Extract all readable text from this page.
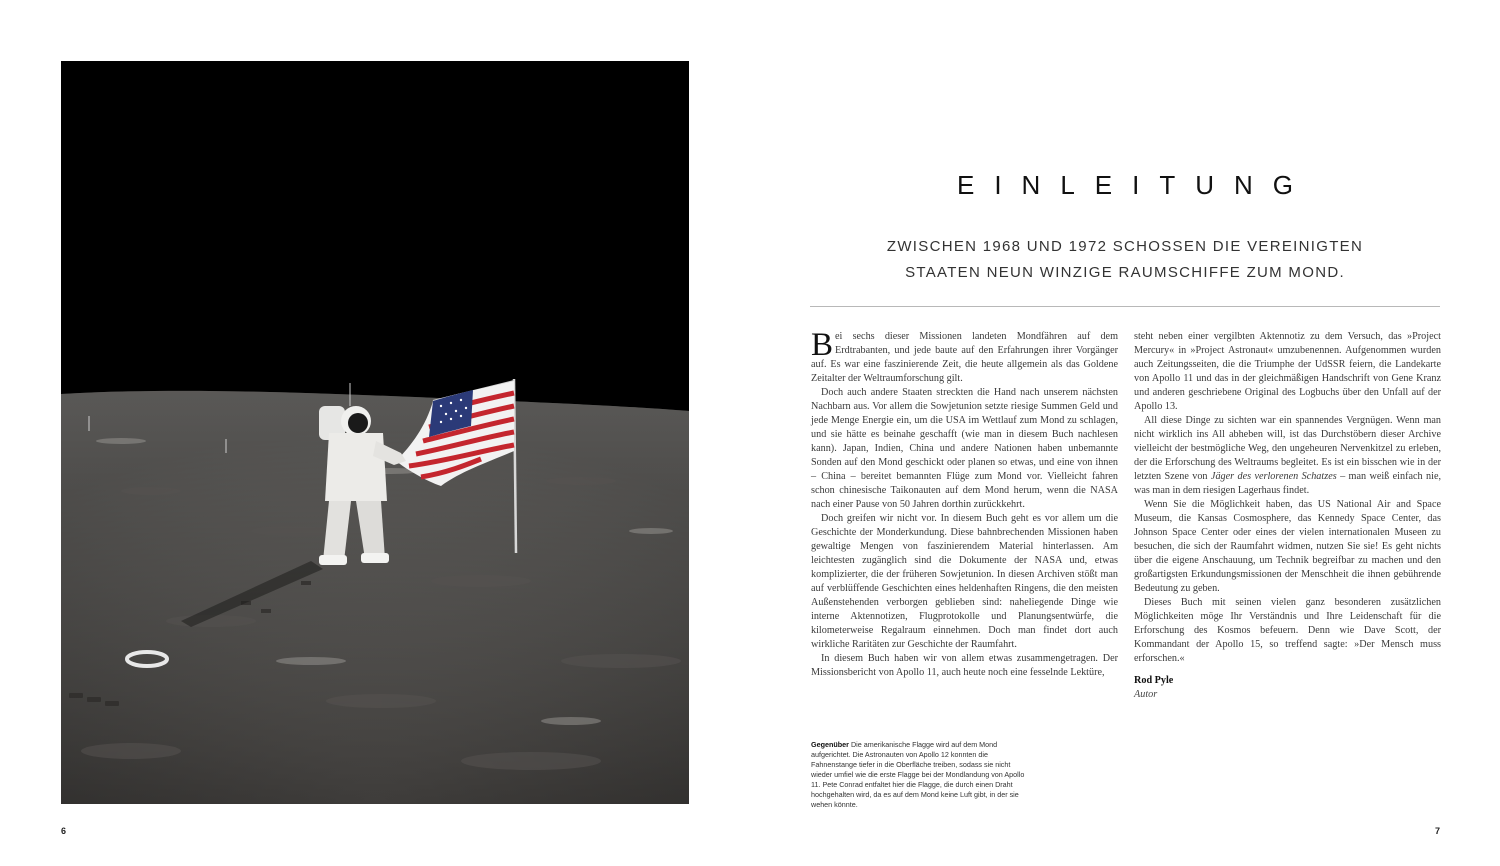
6	7
EINLEITUNG
ZWISCHEN 1968 UND 1972 SCHOSSEN DIE VEREINIGTEN
STAATEN NEUN WINZIGE RAUMSCHIFFE ZUM MOND.

Bei sechs dieser Missionen landeten Mondfähren auf dem Erdtrabanten, und jede baute auf den Erfahrungen ihrer Vorgänger auf. Es war eine faszinierende Zeit, die heute allgemein als das Goldene Zeitalter der Weltraumforschung gilt.

Doch auch andere Staaten streckten die Hand nach unserem nächsten Nachbarn aus. Vor allem die Sowjetunion setzte riesige Summen Geld und jede Menge Energie ein, um die USA im Wettlauf zum Mond zu schlagen, und sie hätte es beinahe geschafft (wie man in diesem Buch nachlesen kann). Japan, Indien, China und andere Nationen haben unbemannte Sonden auf den Mond geschickt oder planen so etwas, und eine von ihnen – China – bereitet bemannten Flüge zum Mond vor. Vielleicht fahren schon chinesische Taikonauten auf dem Mond herum, wenn die NASA nach einer Pause von 50 Jahren dorthin zurückkehrt.

Doch greifen wir nicht vor. In diesem Buch geht es vor allem um die Geschichte der Monderkundung. Diese bahnbrechenden Missionen haben gewaltige Mengen von faszinierendem Material hinterlassen. Am leichtesten zugänglich sind die Dokumente der NASA und, etwas komplizierter, die der früheren Sowjetunion. In diesen Archiven stößt man auf verblüffende Geschichten eines heldenhaften Ringens, die den meisten Außenstehenden verborgen geblieben sind: naheliegende Dinge wie interne Aktennotizen, Flugprotokolle und Planungsentwürfe, die kilometerweise Regalraum einnehmen. Doch man findet dort auch wirkliche Raritäten zur Geschichte der Raumfahrt.

In diesem Buch haben wir von allem etwas zusammengetragen. Der Missionsbericht von Apollo 11, auch heute noch eine fesselnde Lektüre,

steht neben einer vergilbten Aktennotiz zu dem Versuch, das »Project Mercury« in »Project Astronaut« umzubenennen. Aufgenommen wurden auch Zeitungsseiten, die die Triumphe der UdSSR feiern, die Landekarte von Apollo 11 und das in der gleichmäßigen Handschrift von Gene Kranz und anderen geschriebene Original des Logbuchs über den Unfall auf der Apollo 13.

All diese Dinge zu sichten war ein spannendes Vergnügen. Wenn man nicht wirklich ins All abheben will, ist das Durchstöbern dieser Archive vielleicht der bestmögliche Weg, den ungeheuren Nervenkitzel zu erleben, der die Erforschung des Weltraums begleitet. Es ist ein bisschen wie in der letzten Szene von Jäger des verlorenen Schatzes – man weiß einfach nie, was man in dem riesigen Lagerhaus findet.

Wenn Sie die Möglichkeit haben, das US National Air and Space Museum, die Kansas Cosmosphere, das Kennedy Space Center, das Johnson Space Center oder eines der vielen internationalen Museen zu besuchen, die sich der Raumfahrt widmen, nutzen Sie sie! Es geht nichts über die eigene Anschauung, um Technik begreifbar zu machen und den großartigsten Erkundungsmissionen der Menschheit die ihnen gebührende Bedeutung zu geben.

Dieses Buch mit seinen vielen ganz besonderen zusätzlichen Möglichkeiten möge Ihr Verständnis und Ihre Leidenschaft für die Erforschung des Kosmos befeuern. Denn wie Dave Scott, der Kommandant der Apollo 15, so treffend sagte: »Der Mensch muss erforschen.«

Rod Pyle
Autor
Gegenüber Die amerikanische Flagge wird auf dem Mond aufgerichtet. Die Astronauten von Apollo 12 konnten die Fahnenstange tiefer in die Oberfläche treiben, sodass sie nicht wieder umfiel wie die erste Flagge bei der Mondlandung von Apollo 11. Pete Conrad entfaltet hier die Flagge, die durch einen Draht hochgehalten wird, da es auf dem Mond keine Luft gibt, in der sie wehen könnte.
